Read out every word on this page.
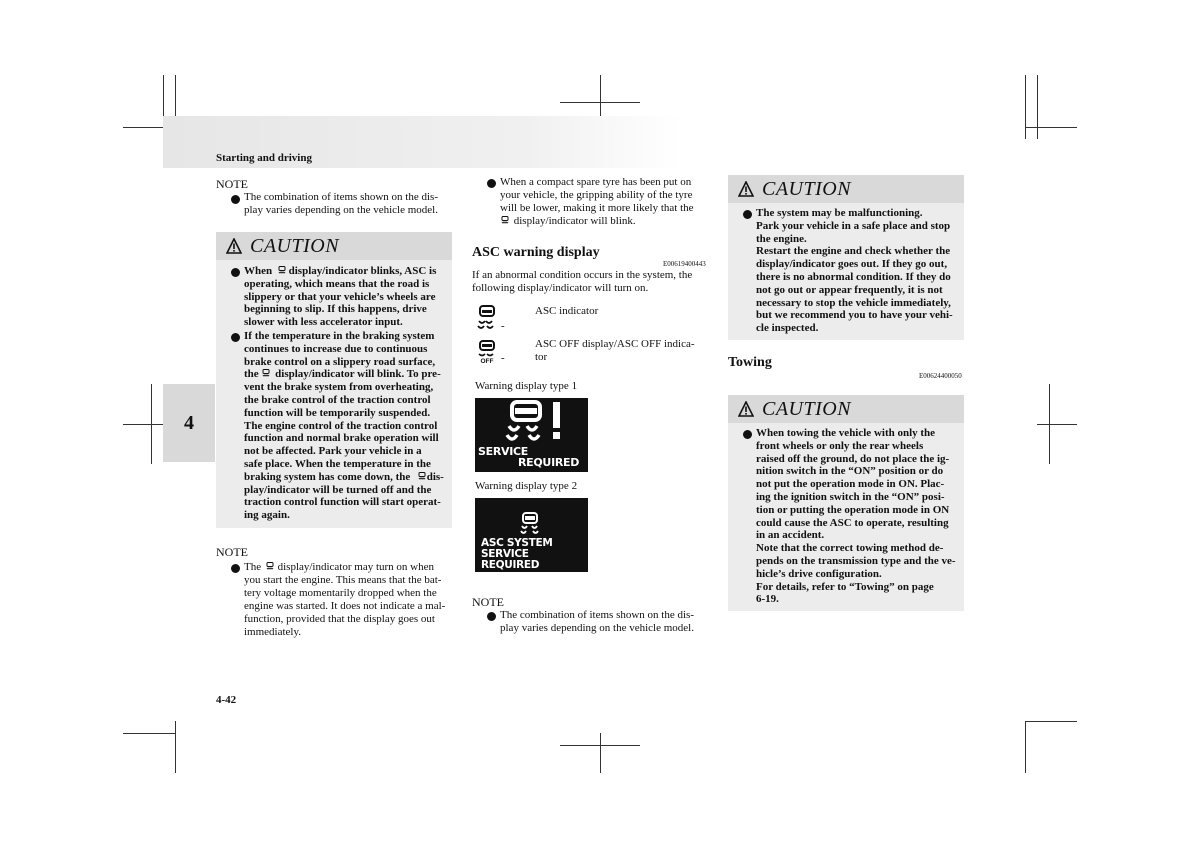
Starting and driving
4
4-42
NOTE
The combination of items shown on the dis-
play varies depending on the vehicle model.
CAUTION
When      display/indicator blinks, ASC is
operating, which means that the road is
slippery or that your vehicle’s wheels are
beginning to slip. If this happens, drive
slower with less accelerator input.
If the temperature in the braking system
continues to increase due to continuous
brake control on a slippery road surface,
the      display/indicator will blink. To pre-
vent the brake system from overheating,
the brake control of the traction control
function will be temporarily suspended.
The engine control of the traction control
function and normal brake operation will
not be affected. Park your vehicle in a
safe place. When the temperature in the
braking system has come down, the      dis-
play/indicator will be turned off and the
traction control function will start operat-
ing again.
NOTE
The      display/indicator may turn on when
you start the engine. This means that the bat-
tery voltage momentarily dropped when the
engine was started. It does not indicate a mal-
function, provided that the display goes out
immediately.
When a compact spare tyre has been put on
your vehicle, the gripping ability of the tyre
will be lower, making it more likely that the
display/indicator will blink.
ASC warning display
E00619400443
If an abnormal condition occurs in the system, the
following display/indicator will turn on.
-
ASC indicator
OFF -
ASC OFF display/ASC OFF indica-
tor
Warning display type 1
SERVICE
REQUIRED
Warning display type 2
ASC SYSTEM
SERVICE REQUIRED
NOTE
The combination of items shown on the dis-
play varies depending on the vehicle model.
CAUTION
The system may be malfunctioning.
Park your vehicle in a safe place and stop
the engine.
Restart the engine and check whether the
display/indicator goes out. If they go out,
there is no abnormal condition. If they do
not go out or appear frequently, it is not
necessary to stop the vehicle immediately,
but we recommend you to have your vehi-
cle inspected.
Towing
E00624400050
CAUTION
When towing the vehicle with only the
front wheels or only the rear wheels
raised off the ground, do not place the ig-
nition switch in the “ON” position or do
not put the operation mode in ON. Plac-
ing the ignition switch in the “ON” posi-
tion or putting the operation mode in ON
could cause the ASC to operate, resulting
in an accident.
Note that the correct towing method de-
pends on the transmission type and the ve-
hicle’s drive configuration.
For details, refer to “Towing” on page
6-19.
